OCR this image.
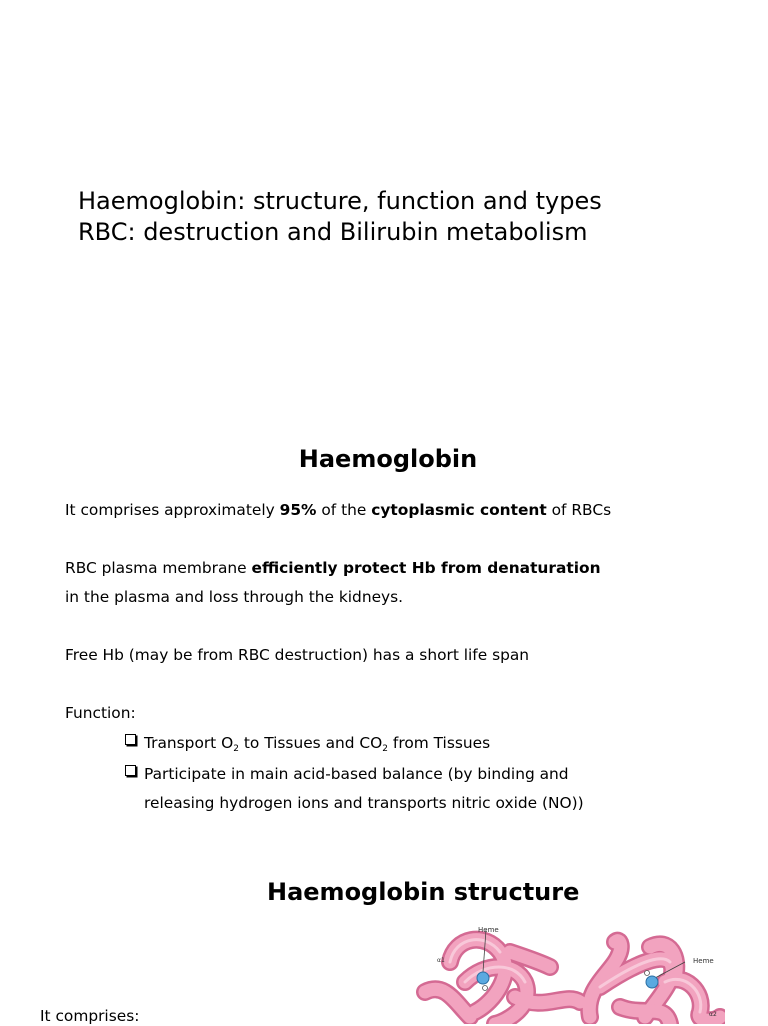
Haemoglobin: structure, function and types
RBC: destruction and Bilirubin metabolism
Haemoglobin
It comprises approximately 95% of the cytoplasmic content of RBCs
RBC plasma membrane efficiently protect Hb from denaturation
in the plasma and loss through the kidneys.
Free Hb (may be from RBC destruction) has a short life span
Function:
Transport $O_2$ to Tissues and $CO_2$ from Tissues
Participate in main acid-based balance (by binding and
releasing hydrogen ions and transports nitric oxide (NO))
Haemoglobin structure
It comprises:
Heme
Heme
α1
α2
